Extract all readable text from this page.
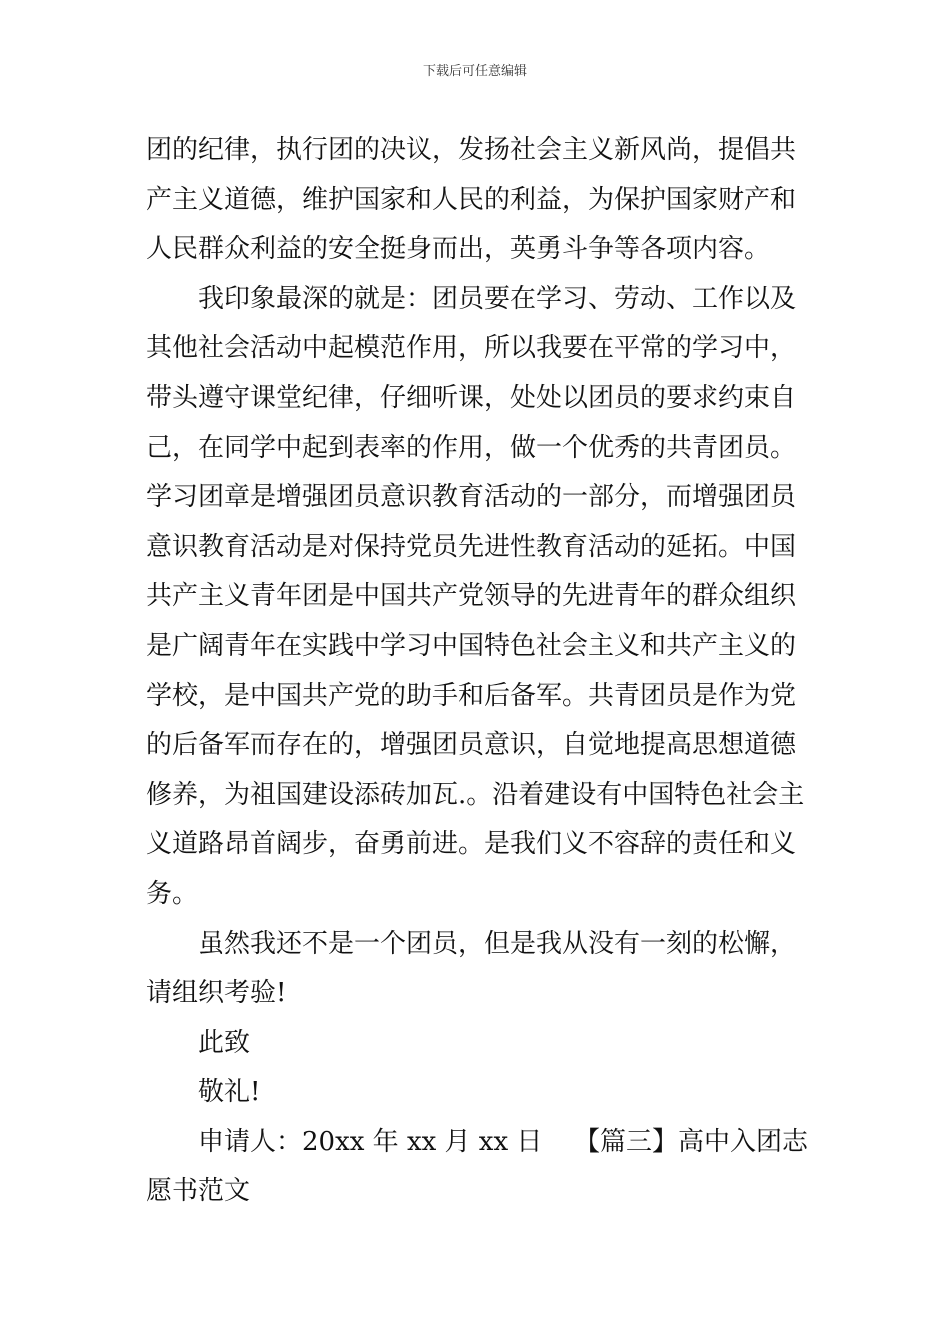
下载后可任意编辑
团的纪律，执行团的决议，发扬社会主义新风尚，提倡共
产主义道德，维护国家和人民的利益，为保护国家财产和
人民群众利益的安全挺身而出，英勇斗争等各项内容。
我印象最深的就是：团员要在学习、劳动、工作以及
其他社会活动中起模范作用，所以我要在平常的学习中，
带头遵守课堂纪律，仔细听课，处处以团员的要求约束自
己，在同学中起到表率的作用，做一个优秀的共青团员。
学习团章是增强团员意识教育活动的一部分，而增强团员
意识教育活动是对保持党员先进性教育活动的延拓。中国
共产主义青年团是中国共产党领导的先进青年的群众组织
是广阔青年在实践中学习中国特色社会主义和共产主义的
学校，是中国共产党的助手和后备军。共青团员是作为党
的后备军而存在的，增强团员意识，自觉地提高思想道德
修养，为祖国建设添砖加瓦.。沿着建设有中国特色社会主
义道路昂首阔步，奋勇前进。是我们义不容辞的责任和义
务。
虽然我还不是一个团员，但是我从没有一刻的松懈，
请组织考验!
此致
敬礼!
申请人：20xx 年 xx 月 xx 日 【篇三】高中入团志
愿书范文
